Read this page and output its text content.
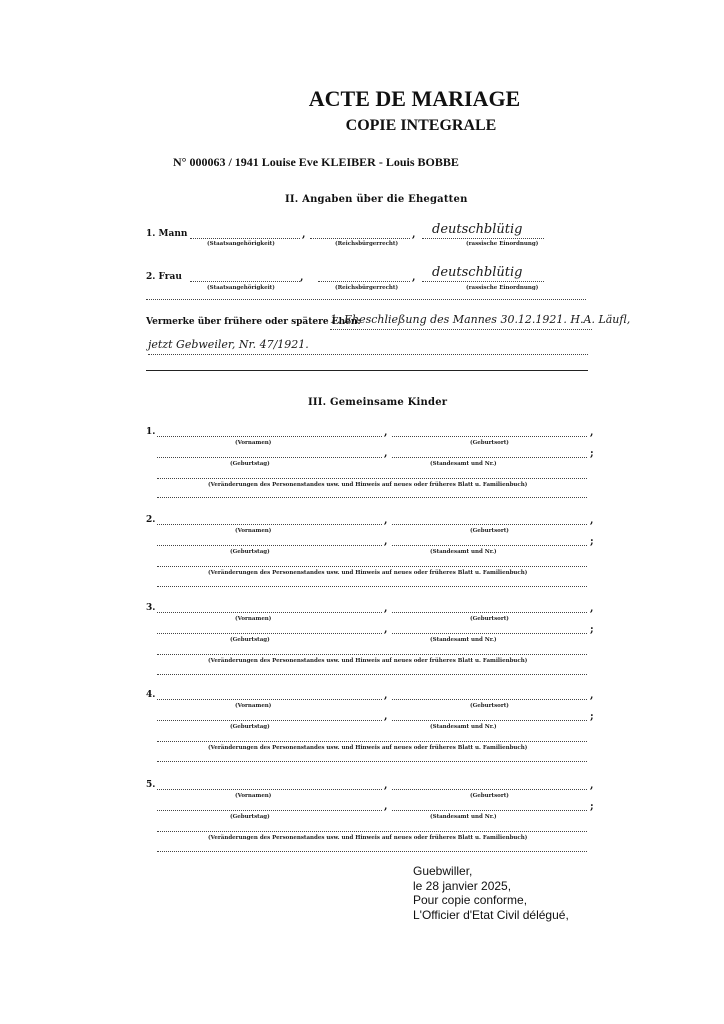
ACTE DE MARIAGE
COPIE INTEGRALE
N° 000063 / 1941 Louise Eve KLEIBER - Louis BOBBE
II. Angaben über die Ehegatten
1. Mann	,	, deutschblütig
(Staatsangehörigkeit)	(Reichsbürgerrecht)	(rassische Einordnung)
2. Frau	,	, deutschblütig
(Staatsangehörigkeit)	(Reichsbürgerrecht)	(rassische Einordnung)
Vermerke über frühere oder spätere Ehen:
1. Eheschließung des Mannes 30.12.1921. H.A. Läufl,
jetzt Gebweiler, Nr. 47/1921.
III. Gemeinsame Kinder
1.	,	,
(Vornamen)	(Geburtsort)
,	;
(Geburtstag)	(Standesamt und Nr.)
(Veränderungen des Personenstandes usw. und Hinweis auf neues oder früheres Blatt u. Familienbuch)
2.	,	,
(Vornamen)	(Geburtsort)
,	;
(Geburtstag)	(Standesamt und Nr.)
(Veränderungen des Personenstandes usw. und Hinweis auf neues oder früheres Blatt u. Familienbuch)
3.	,	,
(Vornamen)	(Geburtsort)
,	;
(Geburtstag)	(Standesamt und Nr.)
(Veränderungen des Personenstandes usw. und Hinweis auf neues oder früheres Blatt u. Familienbuch)
4.	,	,
(Vornamen)	(Geburtsort)
,	;
(Geburtstag)	(Standesamt und Nr.)
(Veränderungen des Personenstandes usw. und Hinweis auf neues oder früheres Blatt u. Familienbuch)
5.	,	,
(Vornamen)	(Geburtsort)
,	;
(Geburtstag)	(Standesamt und Nr.)
(Veränderungen des Personenstandes usw. und Hinweis auf neues oder früheres Blatt u. Familienbuch)
Guebwiller,
le 28 janvier 2025,
Pour copie conforme,
L'Officier d'Etat Civil délégué,
